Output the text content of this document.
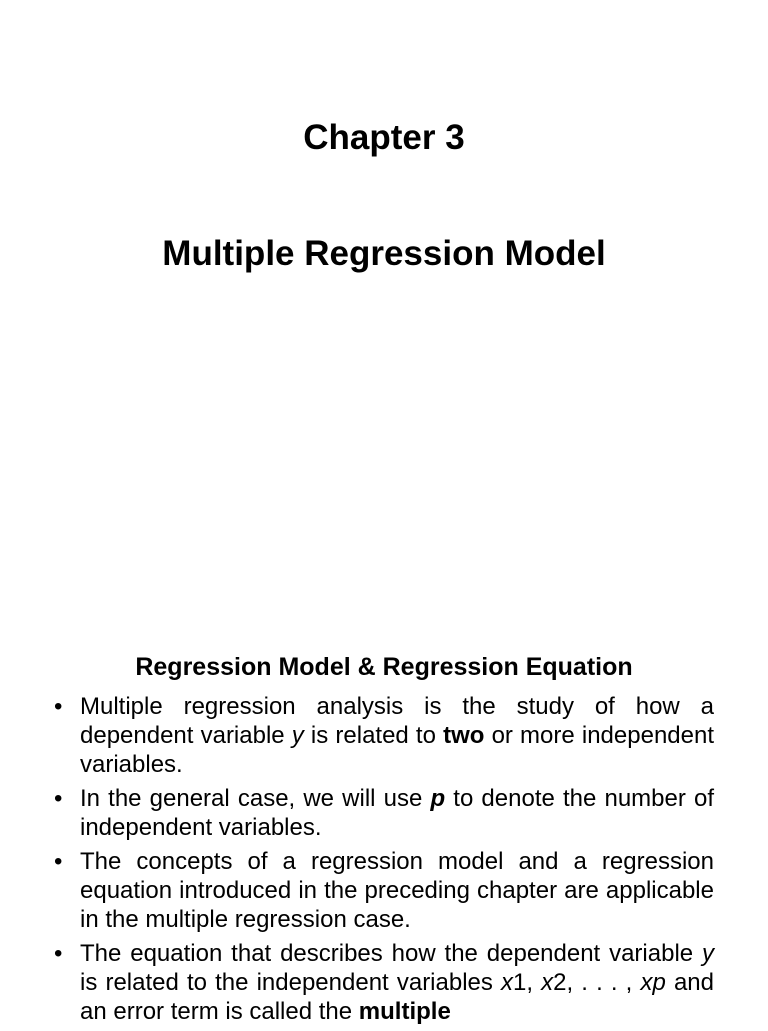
Chapter 3
Multiple Regression Model
Regression Model & Regression Equation
• Multiple regression analysis is the study of how a dependent variable y is related to two or more independent variables.
• In the general case, we will use p to denote the number of independent variables.
• The concepts of a regression model and a regression equation introduced in the preceding chapter are applicable in the multiple regression case.
• The equation that describes how the dependent variable y is related to the independent variables x1, x2, . . . , xp and an error term is called the multiple
